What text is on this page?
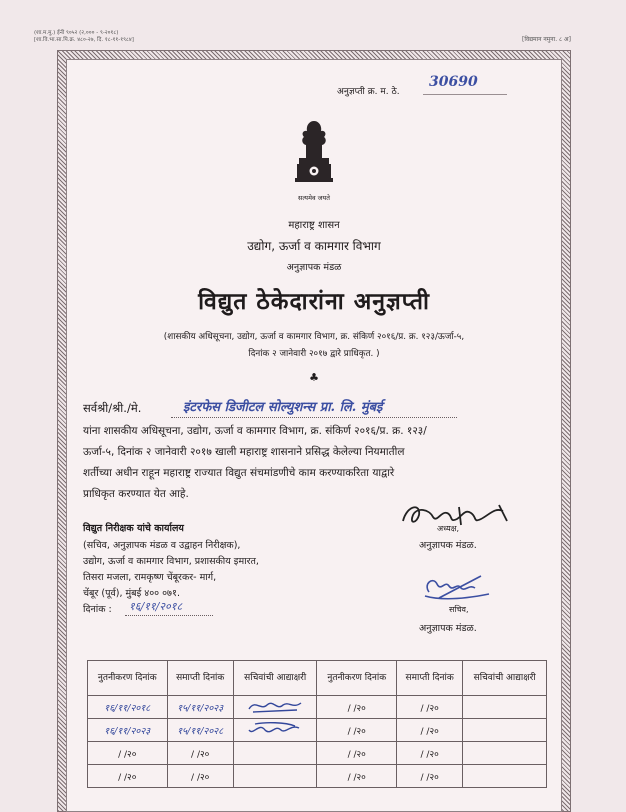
(शा.म.मु.) ईनी ९०५२ (२,००० - ९-२०१८)
[शा.वि.भा.सा.पि.क्र. ४८०-२७, दि. १८-११-१९८४]	[विद्यमान नमुना. ८ अ]
अनुज्ञप्ती क्र. म. ठे.
30690
सत्यमेव जयते
महाराष्ट्र शासन
उद्योग, ऊर्जा व कामगार विभाग
अनुज्ञापक मंडळ
विद्युत ठेकेदारांना अनुज्ञप्ती
(शासकीय अधिसूचना, उद्योग, ऊर्जा व कामगार विभाग, क्र. संकिर्ण २०१६/प्र. क्र. १२३/ऊर्जा-५,
दिनांक २ जानेवारी २०१७ द्वारे प्राधिकृत. )
♣
सर्वश्री/श्री./मे.	इंटरफेस डिजीटल सोल्युशन्स प्रा. लि. मुंबई
यांना शासकीय अधिसूचना, उद्योग, ऊर्जा व कामगार विभाग, क्र. संकिर्ण २०१६/प्र. क्र. १२३/
ऊर्जा-५, दिनांक २ जानेवारी २०१७ खाली महाराष्ट्र शासनाने प्रसिद्ध केलेल्या नियमातील
शर्तीच्या अधीन राहून महाराष्ट्र राज्यात विद्युत संचमांडणीचे काम करण्याकरिता याद्वारे
प्राधिकृत करण्यात येत आहे.
अध्यक्ष,
अनुज्ञापक मंडळ.
विद्युत निरीक्षक यांचे कार्यालय
(सचिव, अनुज्ञापक मंडळ व उद्वाहन निरीक्षक),
उद्योग, ऊर्जा व कामगार विभाग, प्रशासकीय इमारत,
तिसरा मजला, रामकृष्ण चेंबूरकर- मार्ग,
चेंबूर (पूर्व), मुंबई ४०० ०७१.
दिनांक : १६/११/२०१८	सचिव,
अनुज्ञापक मंडळ.
नुतनीकरण दिनांक	समाप्ती दिनांक	सचिवांची आद्याक्षरी	नुतनीकरण दिनांक	समाप्ती दिनांक	सचिवांची आद्याक्षरी
१६/११/२०१८	१५/११/२०२३		/ /२०	/ /२०	
१६/११/२०२३	१५/११/२०२८		/ /२०	/ /२०	
/ /२०	/ /२०		/ /२०	/ /२०	
/ /२०	/ /२०		/ /२०	/ /२०	
